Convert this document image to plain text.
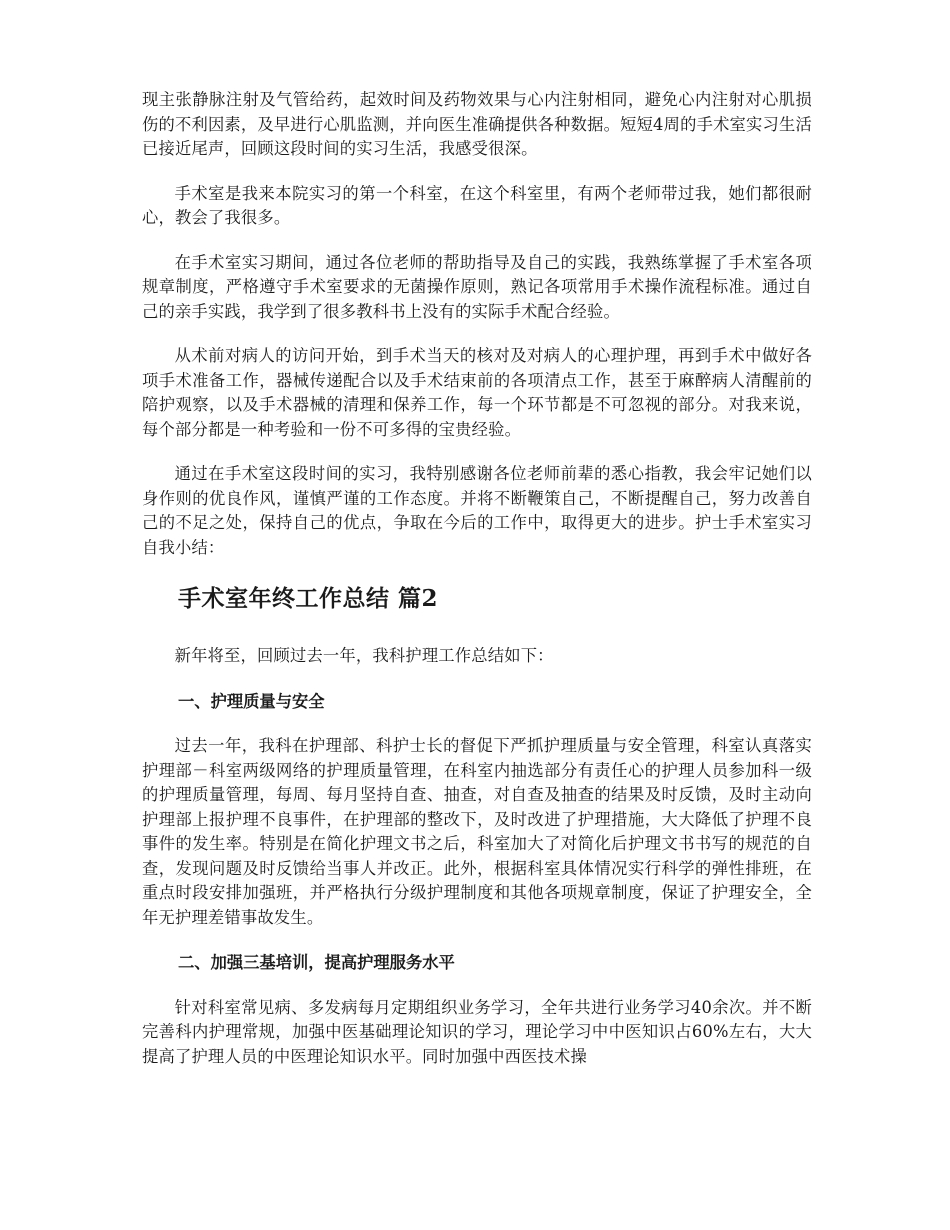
现主张静脉注射及气管给药，起效时间及药物效果与心内注射相同，避免心内注射对心肌损伤的不利因素，及早进行心肌监测，并向医生准确提供各种数据。短短4周的手术室实习生活已接近尾声，回顾这段时间的实习生活，我感受很深。

手术室是我来本院实习的第一个科室，在这个科室里，有两个老师带过我，她们都很耐心，教会了我很多。

在手术室实习期间，通过各位老师的帮助指导及自己的实践，我熟练掌握了手术室各项规章制度，严格遵守手术室要求的无菌操作原则，熟记各项常用手术操作流程标准。通过自己的亲手实践，我学到了很多教科书上没有的实际手术配合经验。

从术前对病人的访问开始，到手术当天的核对及对病人的心理护理，再到手术中做好各项手术准备工作，器械传递配合以及手术结束前的各项清点工作，甚至于麻醉病人清醒前的陪护观察，以及手术器械的清理和保养工作，每一个环节都是不可忽视的部分。对我来说，每个部分都是一种考验和一份不可多得的宝贵经验。

通过在手术室这段时间的实习，我特别感谢各位老师前辈的悉心指教，我会牢记她们以身作则的优良作风，谨慎严谨的工作态度。并将不断鞭策自己，不断提醒自己，努力改善自己的不足之处，保持自己的优点，争取在今后的工作中，取得更大的进步。护士手术室实习自我小结：

手术室年终工作总结 篇2

新年将至，回顾过去一年，我科护理工作总结如下：

一、护理质量与安全

过去一年，我科在护理部、科护士长的督促下严抓护理质量与安全管理，科室认真落实护理部－科室两级网络的护理质量管理，在科室内抽选部分有责任心的护理人员参加科一级的护理质量管理，每周、每月坚持自查、抽查，对自查及抽查的结果及时反馈，及时主动向护理部上报护理不良事件，在护理部的整改下，及时改进了护理措施，大大降低了护理不良事件的发生率。特别是在简化护理文书之后，科室加大了对简化后护理文书书写的规范的自查，发现问题及时反馈给当事人并改正。此外，根据科室具体情况实行科学的弹性排班，在重点时段安排加强班，并严格执行分级护理制度和其他各项规章制度，保证了护理安全，全年无护理差错事故发生。

二、加强三基培训，提高护理服务水平

针对科室常见病、多发病每月定期组织业务学习，全年共进行业务学习40余次。并不断完善科内护理常规，加强中医基础理论知识的学习，理论学习中中医知识占60%左右，大大提高了护理人员的中医理论知识水平。同时加强中西医技术操
